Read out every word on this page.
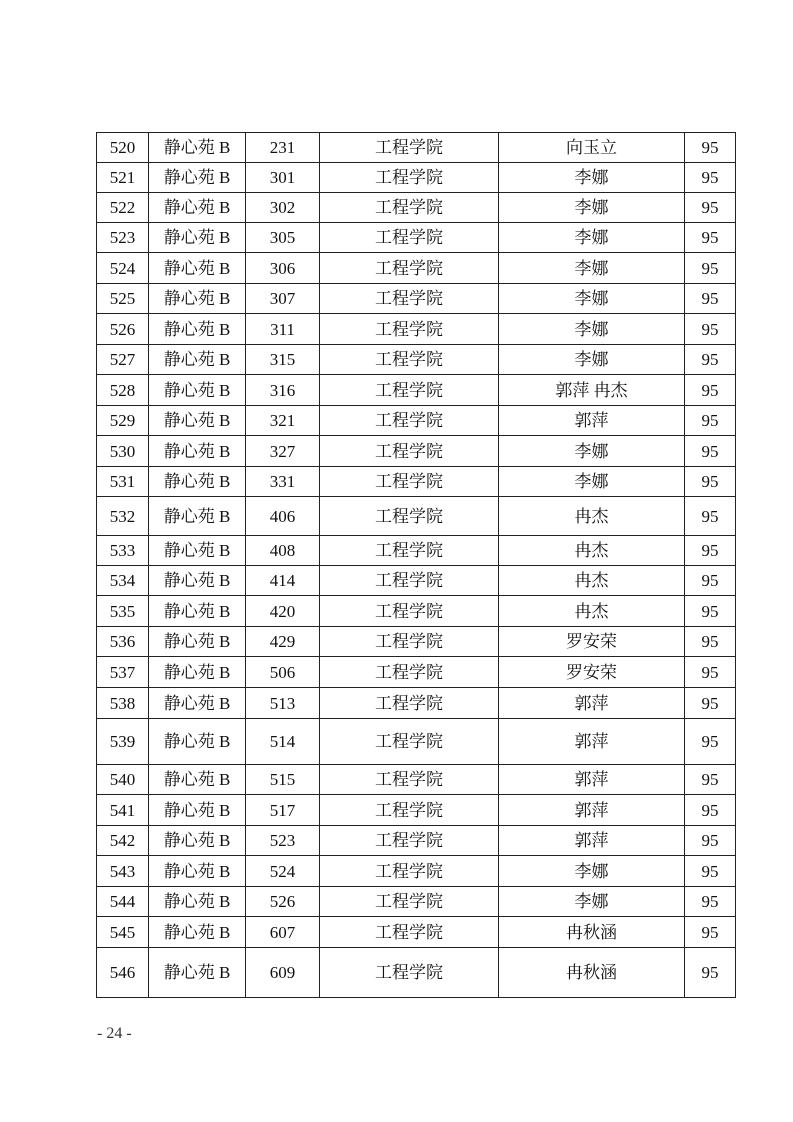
520	静心苑 B	231	工程学院	向玉立	95
521	静心苑 B	301	工程学院	李娜	95
522	静心苑 B	302	工程学院	李娜	95
523	静心苑 B	305	工程学院	李娜	95
524	静心苑 B	306	工程学院	李娜	95
525	静心苑 B	307	工程学院	李娜	95
526	静心苑 B	311	工程学院	李娜	95
527	静心苑 B	315	工程学院	李娜	95
528	静心苑 B	316	工程学院	郭萍 冉杰	95
529	静心苑 B	321	工程学院	郭萍	95
530	静心苑 B	327	工程学院	李娜	95
531	静心苑 B	331	工程学院	李娜	95
532	静心苑 B	406	工程学院	冉杰	95
533	静心苑 B	408	工程学院	冉杰	95
534	静心苑 B	414	工程学院	冉杰	95
535	静心苑 B	420	工程学院	冉杰	95
536	静心苑 B	429	工程学院	罗安荣	95
537	静心苑 B	506	工程学院	罗安荣	95
538	静心苑 B	513	工程学院	郭萍	95
539	静心苑 B	514	工程学院	郭萍	95
540	静心苑 B	515	工程学院	郭萍	95
541	静心苑 B	517	工程学院	郭萍	95
542	静心苑 B	523	工程学院	郭萍	95
543	静心苑 B	524	工程学院	李娜	95
544	静心苑 B	526	工程学院	李娜	95
545	静心苑 B	607	工程学院	冉秋涵	95
546	静心苑 B	609	工程学院	冉秋涵	95
- 24 -
